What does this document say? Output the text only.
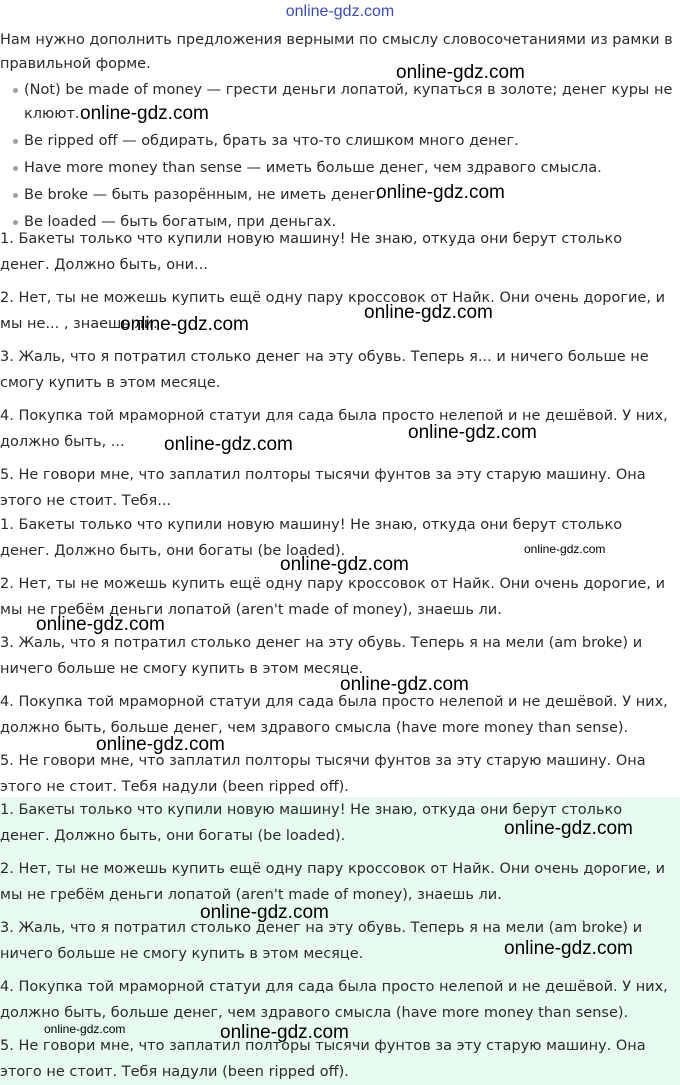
online-gdz.com
Нам нужно дополнить предложения верными по смыслу словосочетаниями из рамки в правильной форме.
(Not) be made of money — грести деньги лопатой, купаться в золоте; денег куры не клюют.
Be ripped off — обдирать, брать за что-то слишком много денег.
Have more money than sense — иметь больше денег, чем здравого смысла.
Be broke — быть разорённым, не иметь денег.
Be loaded — быть богатым, при деньгах.

1. Бакеты только что купили новую машину! Не знаю, откуда они берут столько денег. Должно быть, они...

2. Нет, ты не можешь купить ещё одну пару кроссовок от Найк. Они очень дорогие, и мы не... , знаешь ли.

3. Жаль, что я потратил столько денег на эту обувь. Теперь я... и ничего больше не смогу купить в этом месяце.

4. Покупка той мраморной статуи для сада была просто нелепой и не дешёвой. У них, должно быть, ...

5. Не говори мне, что заплатил полторы тысячи фунтов за эту старую машину. Она этого не стоит. Тебя...

1. Бакеты только что купили новую машину! Не знаю, откуда они берут столько денег. Должно быть, они богаты (be loaded).

2. Нет, ты не можешь купить ещё одну пару кроссовок от Найк. Они очень дорогие, и мы не гребём деньги лопатой (aren't made of money), знаешь ли.

3. Жаль, что я потратил столько денег на эту обувь. Теперь я на мели (am broke) и ничего больше не смогу купить в этом месяце.

4. Покупка той мраморной статуи для сада была просто нелепой и не дешёвой. У них, должно быть, больше денег, чем здравого смысла (have more money than sense).

5. Не говори мне, что заплатил полторы тысячи фунтов за эту старую машину. Она этого не стоит. Тебя надули (been ripped off).

1. Бакеты только что купили новую машину! Не знаю, откуда они берут столько денег. Должно быть, они богаты (be loaded).

2. Нет, ты не можешь купить ещё одну пару кроссовок от Найк. Они очень дорогие, и мы не гребём деньги лопатой (aren't made of money), знаешь ли.

3. Жаль, что я потратил столько денег на эту обувь. Теперь я на мели (am broke) и ничего больше не смогу купить в этом месяце.

4. Покупка той мраморной статуи для сада была просто нелепой и не дешёвой. У них, должно быть, больше денег, чем здравого смысла (have more money than sense).

5. Не говори мне, что заплатил полторы тысячи фунтов за эту старую машину. Она этого не стоит. Тебя надули (been ripped off).

online-gdz.com
online-gdz.com
online-gdz.com
online-gdz.com
online-gdz.com
online-gdz.com
online-gdz.com
online-gdz.com
online-gdz.com
online-gdz.com
online-gdz.com
online-gdz.com
online-gdz.com
online-gdz.com
online-gdz.com
online-gdz.com	online-gdz.com
